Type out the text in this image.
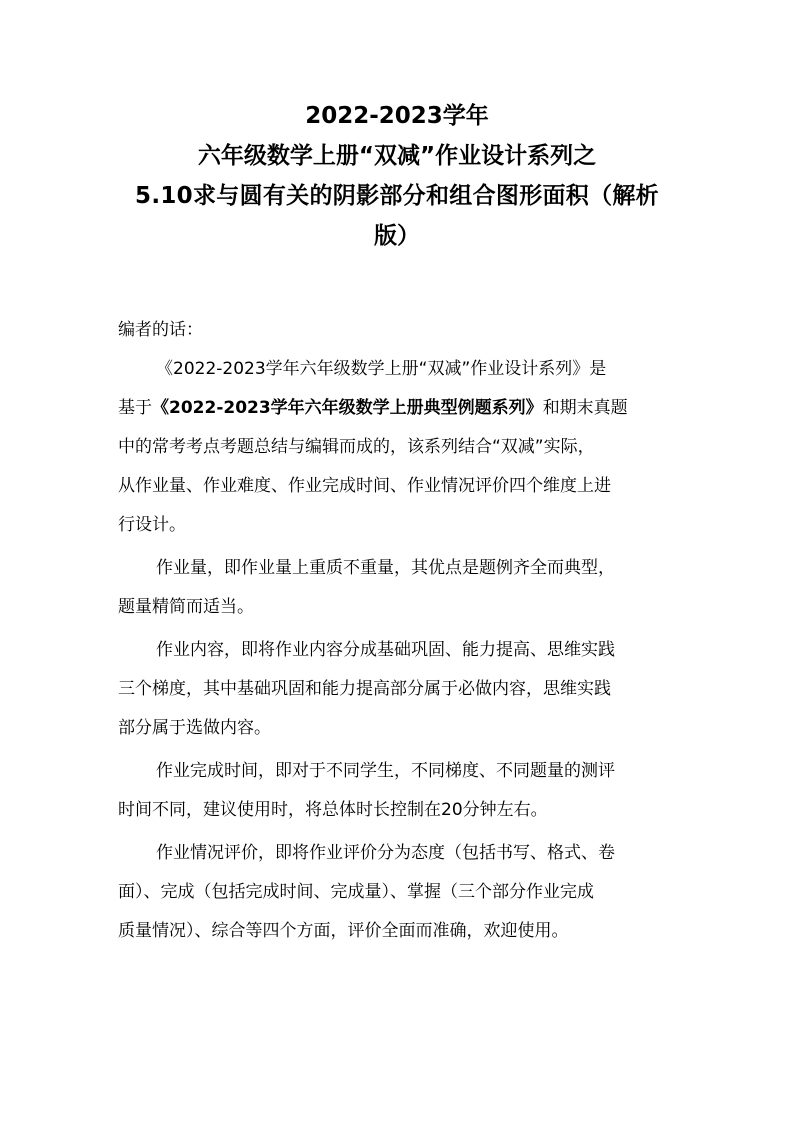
2022-2023学年
六年级数学上册“双减”作业设计系列之
5.10求与圆有关的阴影部分和组合图形面积（解析
版）
编者的话：
《2022-2023学年六年级数学上册“双减”作业设计系列》是
基于《2022-2023学年六年级数学上册典型例题系列》和期末真题
中的常考考点考题总结与编辑而成的，该系列结合“双减”实际，
从作业量、作业难度、作业完成时间、作业情况评价四个维度上进
行设计。
作业量，即作业量上重质不重量，其优点是题例齐全而典型，
题量精简而适当。
作业内容，即将作业内容分成基础巩固、能力提高、思维实践
三个梯度，其中基础巩固和能力提高部分属于必做内容，思维实践
部分属于选做内容。
作业完成时间，即对于不同学生，不同梯度、不同题量的测评
时间不同，建议使用时，将总体时长控制在20分钟左右。
作业情况评价，即将作业评价分为态度（包括书写、格式、卷
面）、完成（包括完成时间、完成量）、掌握（三个部分作业完成
质量情况）、综合等四个方面，评价全面而准确，欢迎使用。
